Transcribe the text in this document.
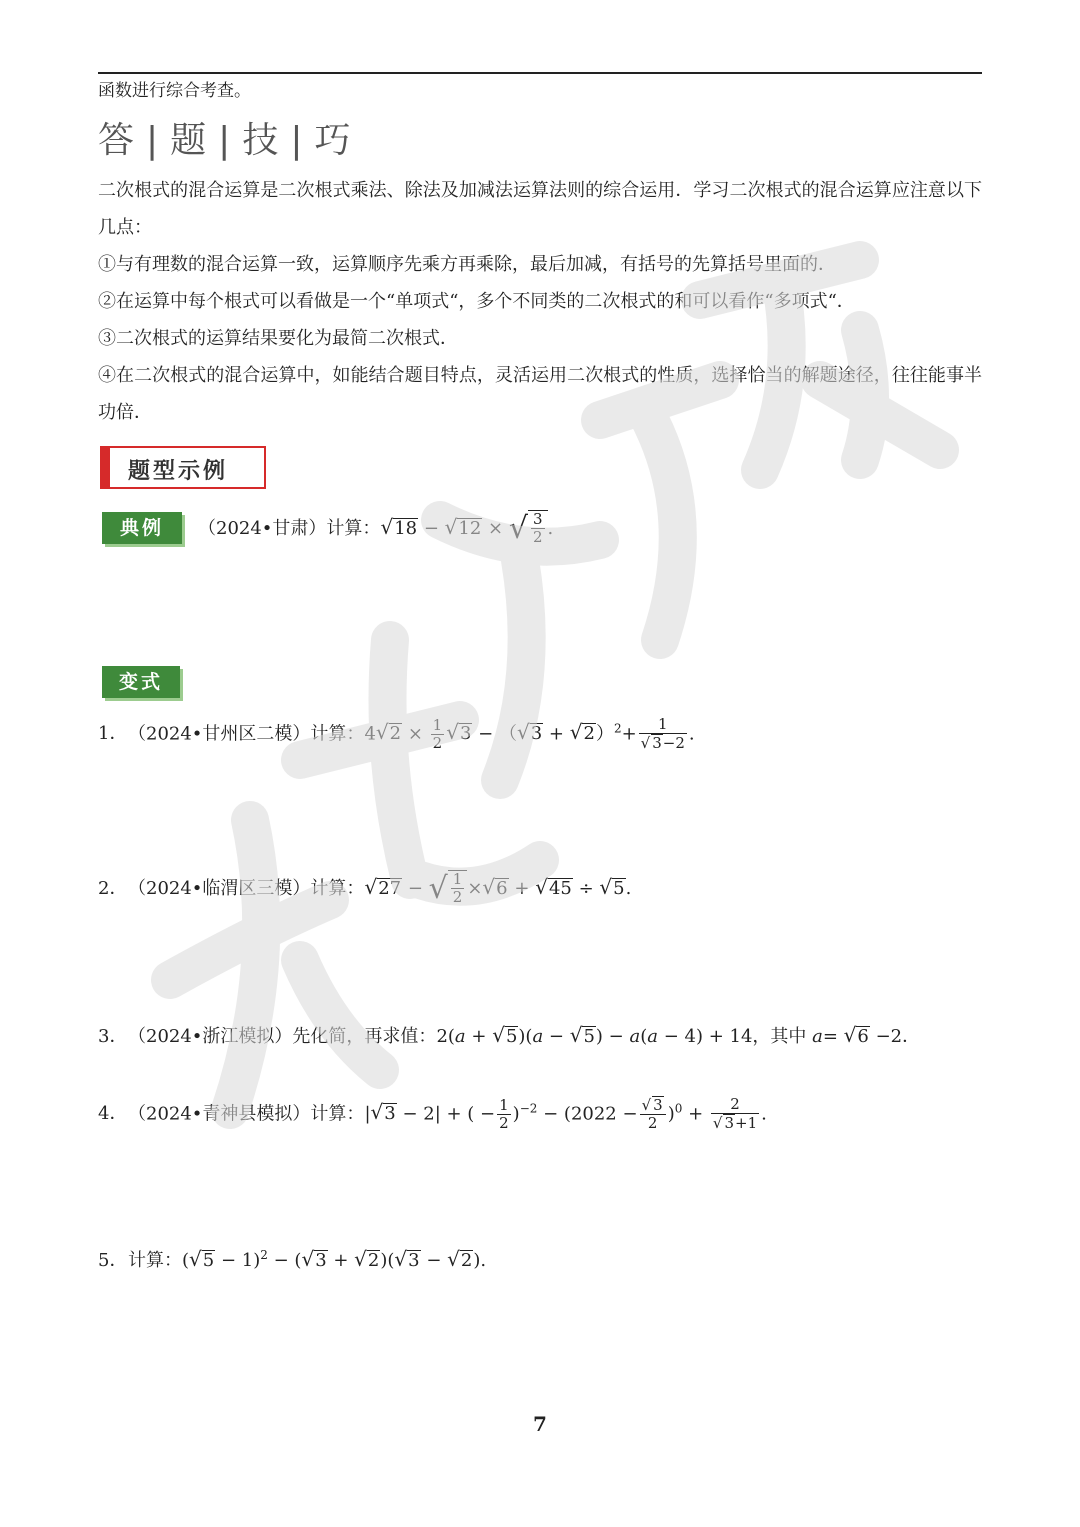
函数进行综合考查。
答 | 题 | 技 | 巧
二次根式的混合运算是二次根式乘法、除法及加减法运算法则的综合运用．学习二次根式的混合运算应注意以下几点：
①与有理数的混合运算一致，运算顺序先乘方再乘除，最后加减，有括号的先算括号里面的．
②在运算中每个根式可以看做是一个“单项式“，多个不同类的二次根式的和可以看作“多项式“．
③二次根式的运算结果要化为最简二次根式．
④在二次根式的混合运算中，如能结合题目特点，灵活运用二次根式的性质，选择恰当的解题途径，往往能事半功倍．
题型示例
典例	（2024•甘肃）计算：√18 − √12 × √ $\frac{3}{2}$ .
变式
1．（2024•甘州区二模）计算：$4√2 \times \frac{1}{2} √3 - (√3 + √2)^2+ \frac{1}{√ 3-2}$ .
2．（2024•临渭区三模）计算：√27 − √ $\frac{1}{2} \times√6 + √45 \div √5$.
3．（2024•浙江模拟）先化简，再求值：2(a + √5)(a − √5) − a(a − 4) + 14，其中 a= √6 −2．
4．（2024•青神县模拟）计算：|√3 − 2| + ( − $\frac{1}{2} )^{-2} - (2022 - \frac{√ 3}{2} )^0 + \frac{2}{√ 3+1}$ .
5．计算：$(√5 - 1)^2 - (√3 + √2)(√3 - √2)$.
7
